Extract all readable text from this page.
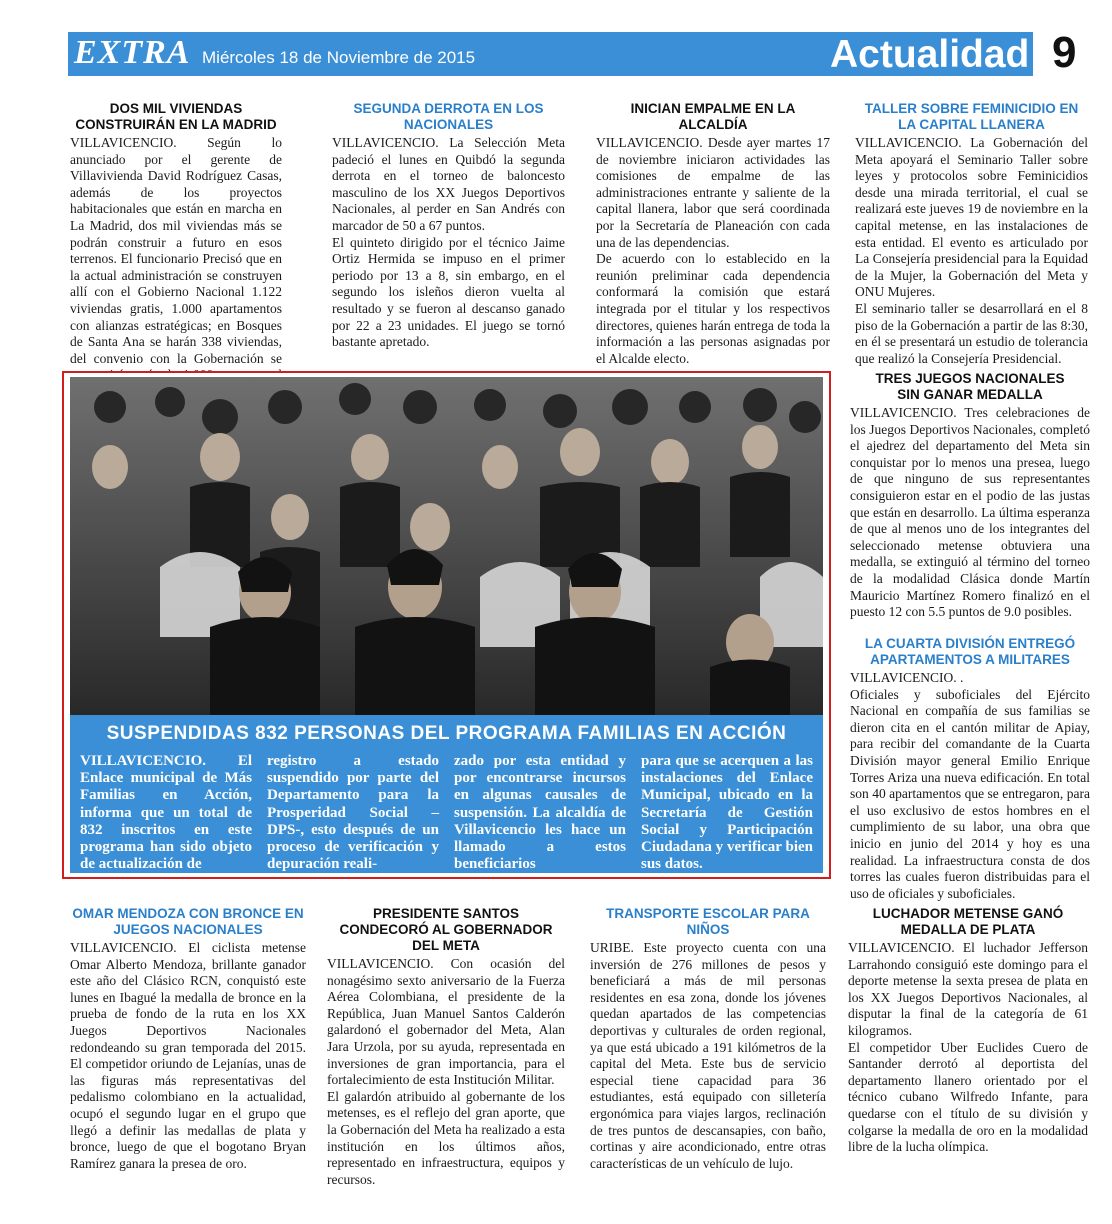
EL DIARIO DEL LLANO
EXTRA Miércoles 18 de Noviembre de 2015	Actualidad 9
DOS MIL VIVIENDAS CONSTRUIRÁN EN LA MADRID

VILLAVICENCIO. Según lo anunciado por el gerente de Villavivienda David Rodríguez Casas, además de los proyectos habitacionales que están en marcha en La Madrid, dos mil viviendas más se podrán construir a futuro en esos terrenos. El funcionario Precisó que en la actual administración se construyen allí con el Gobierno Nacional 1.122 viviendas gratis, 1.000 apartamentos con alianzas estratégicas; en Bosques de Santa Ana se harán 338 viviendas, del convenio con la Gobernación se

SEGUNDA DERROTA EN LOS NACIONALES

VILLAVICENCIO. La Selección Meta padeció el lunes en Quibdó la segunda derrota en el torneo de baloncesto masculino de los XX Juegos Deportivos Nacionales, al perder en San Andrés con marcador de 50 a 67 puntos.

El quinteto dirigido por el técnico Jaime Ortiz Hermida se impuso en el primer periodo por 13 a 8, sin embargo, en el segundo los isleños dieron vuelta al resultado y se fueron al descanso ganado por 22 a 23 unidades. El juego se tornó bastante apretado.

INICIAN EMPALME EN LA ALCALDÍA

VILLAVICENCIO. Desde ayer martes 17 de noviembre iniciaron actividades las comisiones de empalme de las administraciones entrante y saliente de la capital llanera, labor que será coordinada por la Secretaría de Planeación con cada una de las dependencias.

De acuerdo con lo establecido en la reunión preliminar cada dependencia conformará la comisión que estará integrada por el titular y los respectivos directores, quienes harán entrega de toda la información a las personas asignadas por el Alcalde electo.

TALLER SOBRE FEMINICIDIO EN LA CAPITAL LLANERA

VILLAVICENCIO. La Gobernación del Meta apoyará el Seminario Taller sobre leyes y protocolos sobre Feminicidios desde una mirada territorial, el cual se realizará este jueves 19 de noviembre en la capital metense, en las instalaciones de esta entidad. El evento es articulado por La Consejería presidencial para la Equidad de la Mujer, la Gobernación del Meta y ONU Mujeres.

El seminario taller se desarrollará en el 8 piso de la Gobernación a partir de las 8:30, en él se presentará un estudio de tolerancia que realizó la Consejería Presidencial.

TRES JUEGOS NACIONALES SIN GANAR MEDALLA

VILLAVICENCIO. Tres celebraciones de los Juegos Deportivos Nacionales, completó el ajedrez del departamento del Meta sin conquistar por lo menos una presea, luego de que ninguno de sus representantes consiguieron estar en el podio de las justas que están en desarrollo. La última esperanza de que al menos uno de los integrantes del seleccionado metense obtuviera una medalla, se extinguió al término del torneo de la modalidad Clásica donde Martín Mauricio Martínez Romero finalizó en el puesto 12 con 5.5 puntos de 9.0 posibles.

LA CUARTA DIVISIÓN ENTREGÓ APARTAMENTOS A MILITARES

VILLAVICENCIO. .

Oficiales y suboficiales del Ejército Nacional en compañía de sus familias se dieron cita en el cantón militar de Apiay, para recibir del comandante de la Cuarta División mayor general Emilio Enrique Torres Ariza una nueva edificación. En total son 40 apartamentos que se entregaron, para el uso exclusivo de estos hombres en el cumplimiento de su labor, una obra que inicio en junio del 2014 y hoy es una realidad. La infraestructura consta de dos torres las cuales fueron distribuidas para el uso de oficiales y suboficiales.

SUSPENDIDAS 832 PERSONAS DEL PROGRAMA FAMILIAS EN ACCIÓN
VILLAVICENCIO. El Enlace municipal de Más Familias en Acción, informa que un total de 832 inscritos en este programa han sido objeto de actualización de
registro a estado suspendido por parte del Departamento para la Prosperidad Social – DPS-, esto después de un proceso de verificación y depuración reali-
zado por esta entidad y por encontrarse incursos en algunas causales de suspensión. La alcaldía de Villavicencio les hace un llamado a estos beneficiarios
para que se acerquen a las instalaciones del Enlace Municipal, ubicado en la Secretaría de Gestión Social y Participación Ciudadana y verificar bien sus datos.
OMAR MENDOZA CON BRONCE EN JUEGOS NACIONALES

VILLAVICENCIO. El ciclista metense Omar Alberto Mendoza, brillante ganador este año del Clásico RCN, conquistó este lunes en Ibagué la medalla de bronce en la prueba de fondo de la ruta en los XX Juegos Deportivos Nacionales redondeando su gran temporada del 2015. El competidor oriundo de Lejanías, unas de las figuras más representativas del pedalismo colombiano en la actualidad, ocupó el segundo lugar en el grupo que llegó a definir las medallas de plata y bronce, luego de que el bogotano Bryan Ramírez ganara la presea de oro.

PRESIDENTE SANTOS CONDECORÓ AL GOBERNADOR DEL META

VILLAVICENCIO. Con ocasión del nonagésimo sexto aniversario de la Fuerza Aérea Colombiana, el presidente de la República, Juan Manuel Santos Calderón galardonó el gobernador del Meta, Alan Jara Urzola, por su ayuda, representada en inversiones de gran importancia, para el fortalecimiento de esta Institución Militar.

El galardón atribuido al gobernante de los metenses, es el reflejo del gran aporte, que la Gobernación del Meta ha realizado a esta institución en los últimos años, representado en infraestructura, equipos y recursos.

TRANSPORTE ESCOLAR PARA NIÑOS

URIBE. Este proyecto cuenta con una inversión de 276 millones de pesos y beneficiará a más de mil personas residentes en esa zona, donde los jóvenes quedan apartados de las competencias deportivas y culturales de orden regional, ya que está ubicado a 191 kilómetros de la capital del Meta. Este bus de servicio especial tiene capacidad para 36 estudiantes, está equipado con silletería ergonómica para viajes largos, reclinación de tres puntos de descansapies, con baño, cortinas y aire acondicionado, entre otras características de un vehículo de lujo.

LUCHADOR METENSE GANÓ MEDALLA DE PLATA

VILLAVICENCIO. El luchador Jefferson Larrahondo consiguió este domingo para el deporte metense la sexta presea de plata en los XX Juegos Deportivos Nacionales, al disputar la final de la categoría de 61 kilogramos.

El competidor Uber Euclides Cuero de Santander derrotó al deportista del departamento llanero orientado por el técnico cubano Wilfredo Infante, para quedarse con el título de su división y colgarse la medalla de oro en la modalidad libre de la lucha olímpica.
